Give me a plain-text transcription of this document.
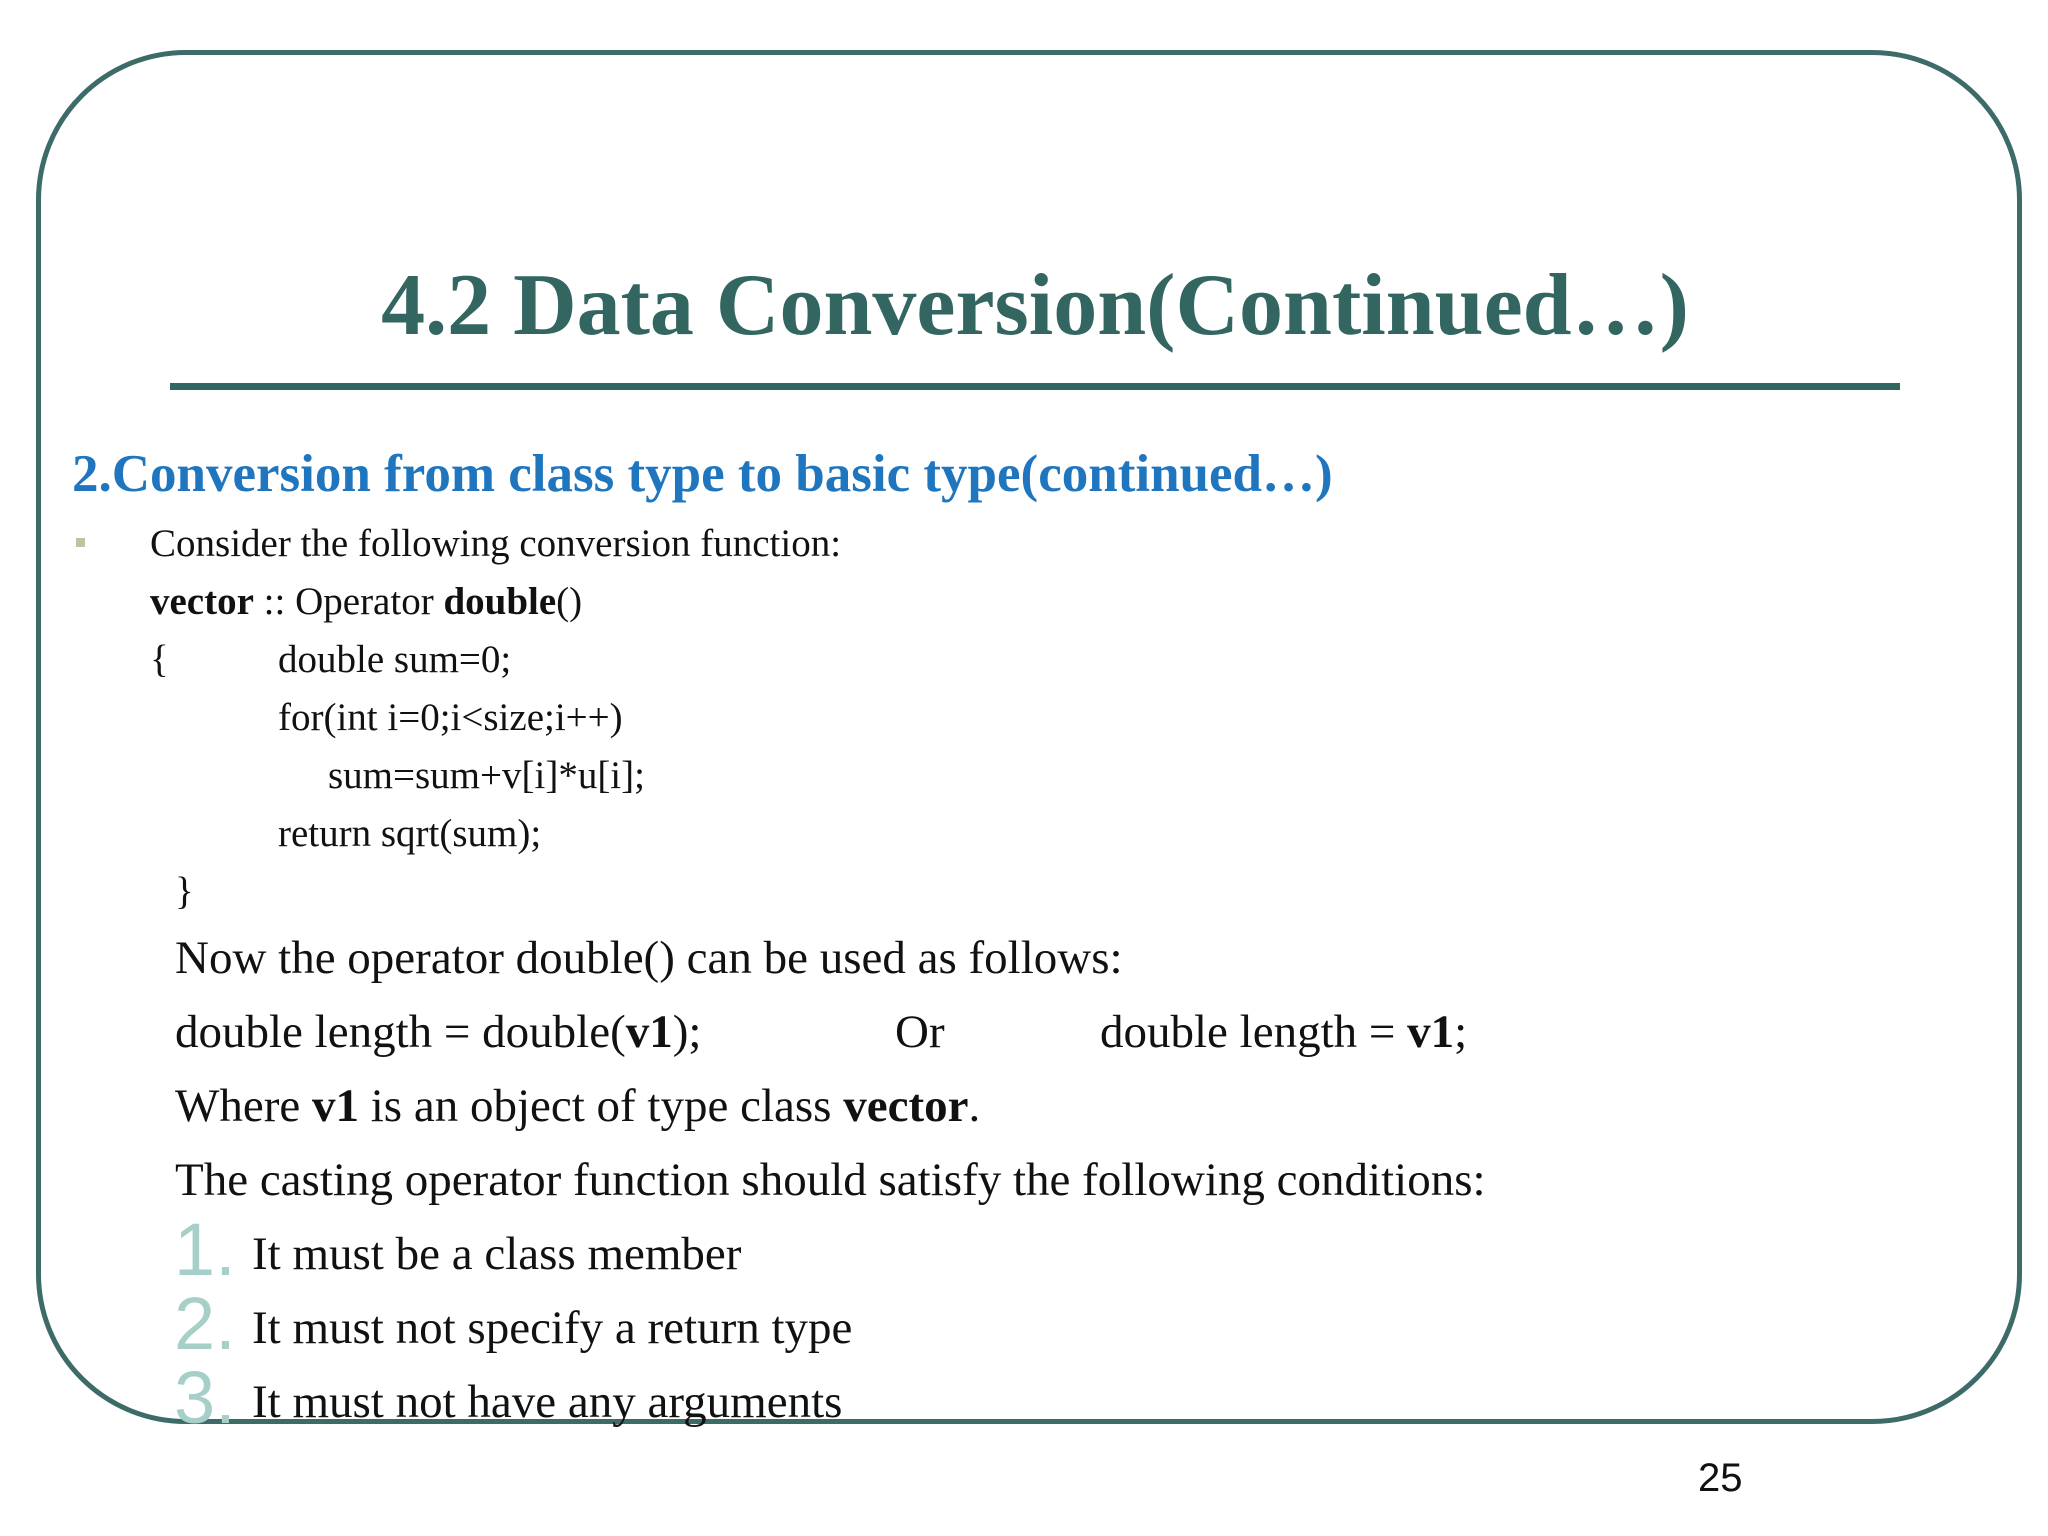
4.2 Data Conversion(Continued…)
2.Conversion from class type to basic type(continued…)
Consider the following conversion function:
vector :: Operator double()
{	double sum=0;
for(int i=0;i<size;i++)
sum=sum+v[i]*u[i];
return sqrt(sum);
}
Now the operator double() can be used as follows:
double length = double(v1);	Or	double length = v1;
Where v1 is an object of type class vector.
The casting operator function should satisfy the following conditions:
1. It must be a class member
2. It must not specify a return type
3. It must not have any arguments
25
